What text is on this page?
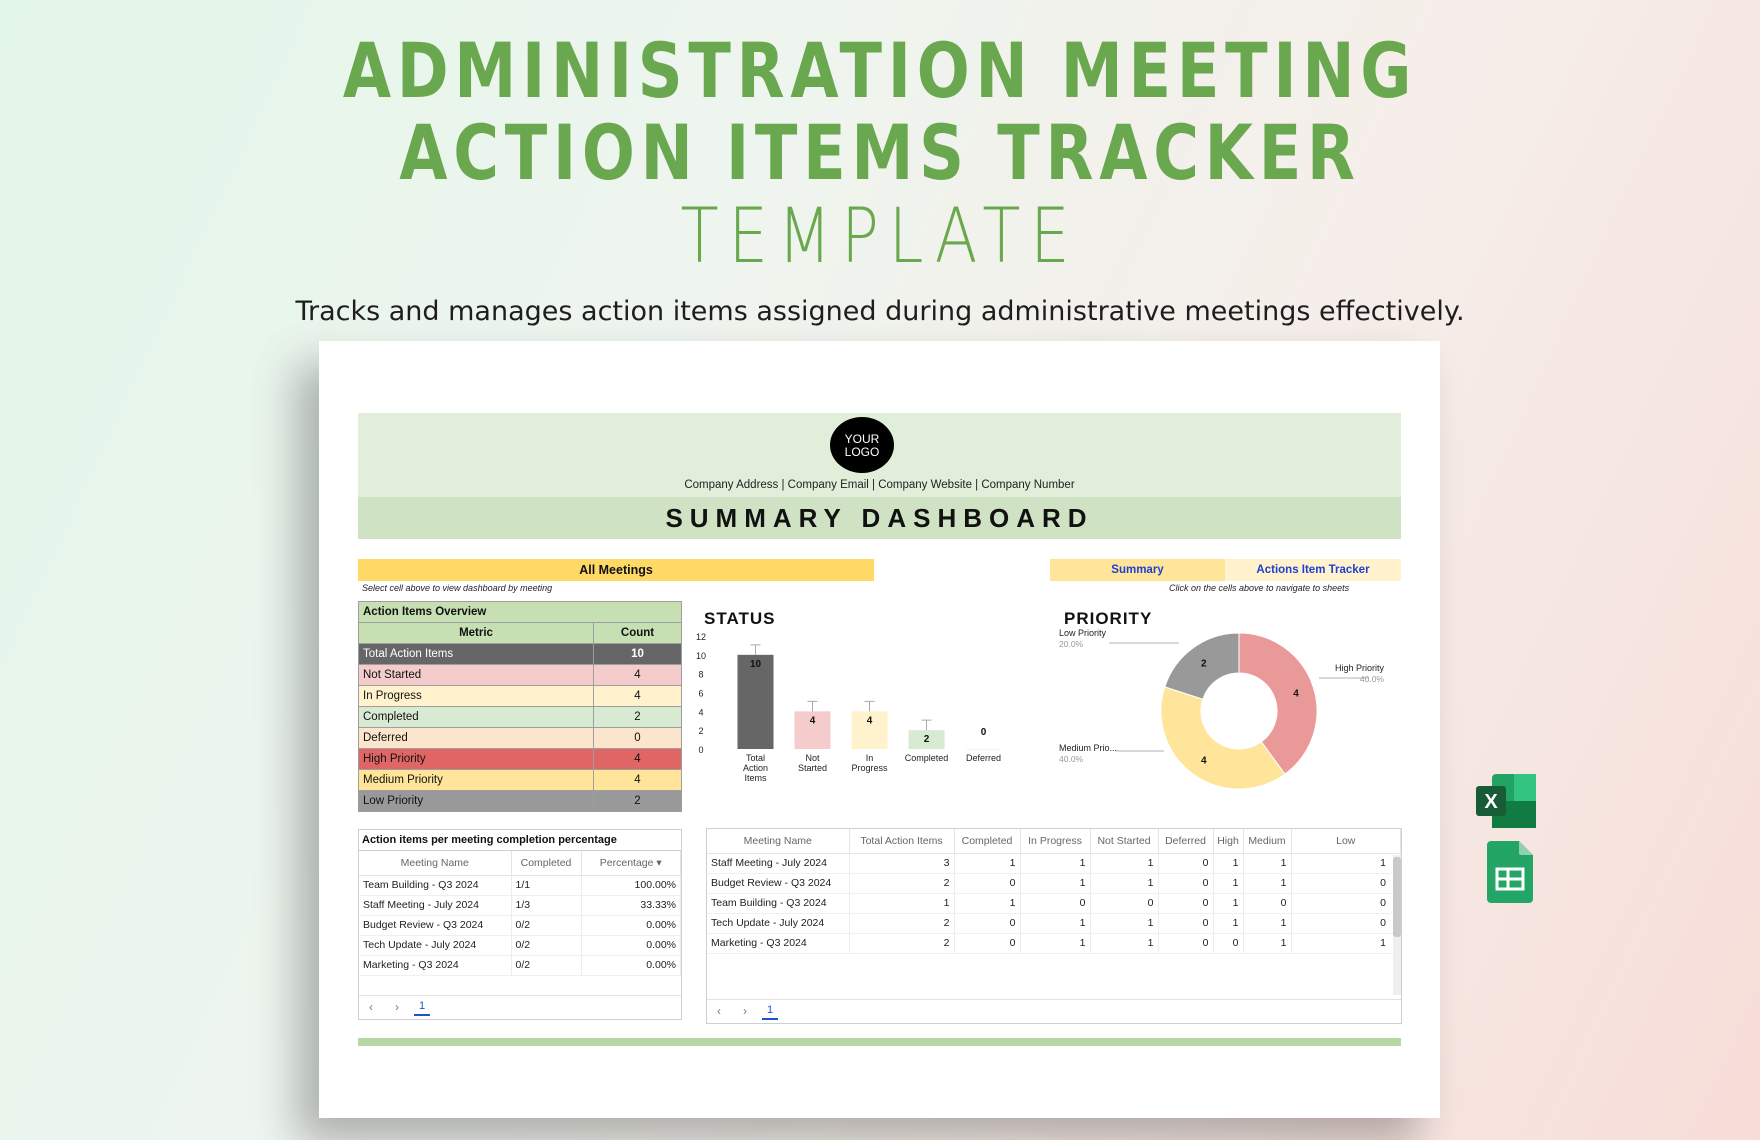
ADMINISTRATION MEETING
ACTION ITEMS TRACKER
TEMPLATE
Tracks and manages action items assigned during administrative meetings effectively.
YOUR
LOGO
Company Address | Company Email | Company Website | Company Number
SUMMARY DASHBOARD
All Meetings
Select cell above to view dashboard by meeting
Summary	Actions Item Tracker
Click on the cells above to navigate to sheets
Action Items Overview	
Metric	Count
Total Action Items	10
Not Started	4
In Progress	4
Completed	2
Deferred	0
High Priority	4
Medium Priority	4
Low Priority	2
STATUS
0
2
4
6
8
10
12
10
Total
Action
Items
4
Not
Started
4
In
Progress
2
Completed
0
Deferred
PRIORITY
4
High Priority
40.0%
4
Medium Prio...
40.0%
2
Low Priority
20.0%
Action items per meeting completion percentage
Meeting Name	Completed	Percentage ▾
Team Building - Q3 2024	1/1	100.00%
Staff Meeting - July 2024	1/3	33.33%
Budget Review - Q3 2024	0/2	0.00%
Tech Update - July 2024	0/2	0.00%
Marketing - Q3 2024	0/2	0.00%
‹ ›	1
Meeting Name	Total Action Items	Completed	In Progress	Not Started	Deferred	High	Medium	Low
Staff Meeting - July 2024	3	1	1	1	0	1	1	1
Budget Review - Q3 2024	2	0	1	1	0	1	1	0
Team Building - Q3 2024	1	1	0	0	0	1	0	0
Tech Update - July 2024	2	0	1	1	0	1	1	0
Marketing - Q3 2024	2	0	1	1	0	0	1	1
‹ ›	1
X
